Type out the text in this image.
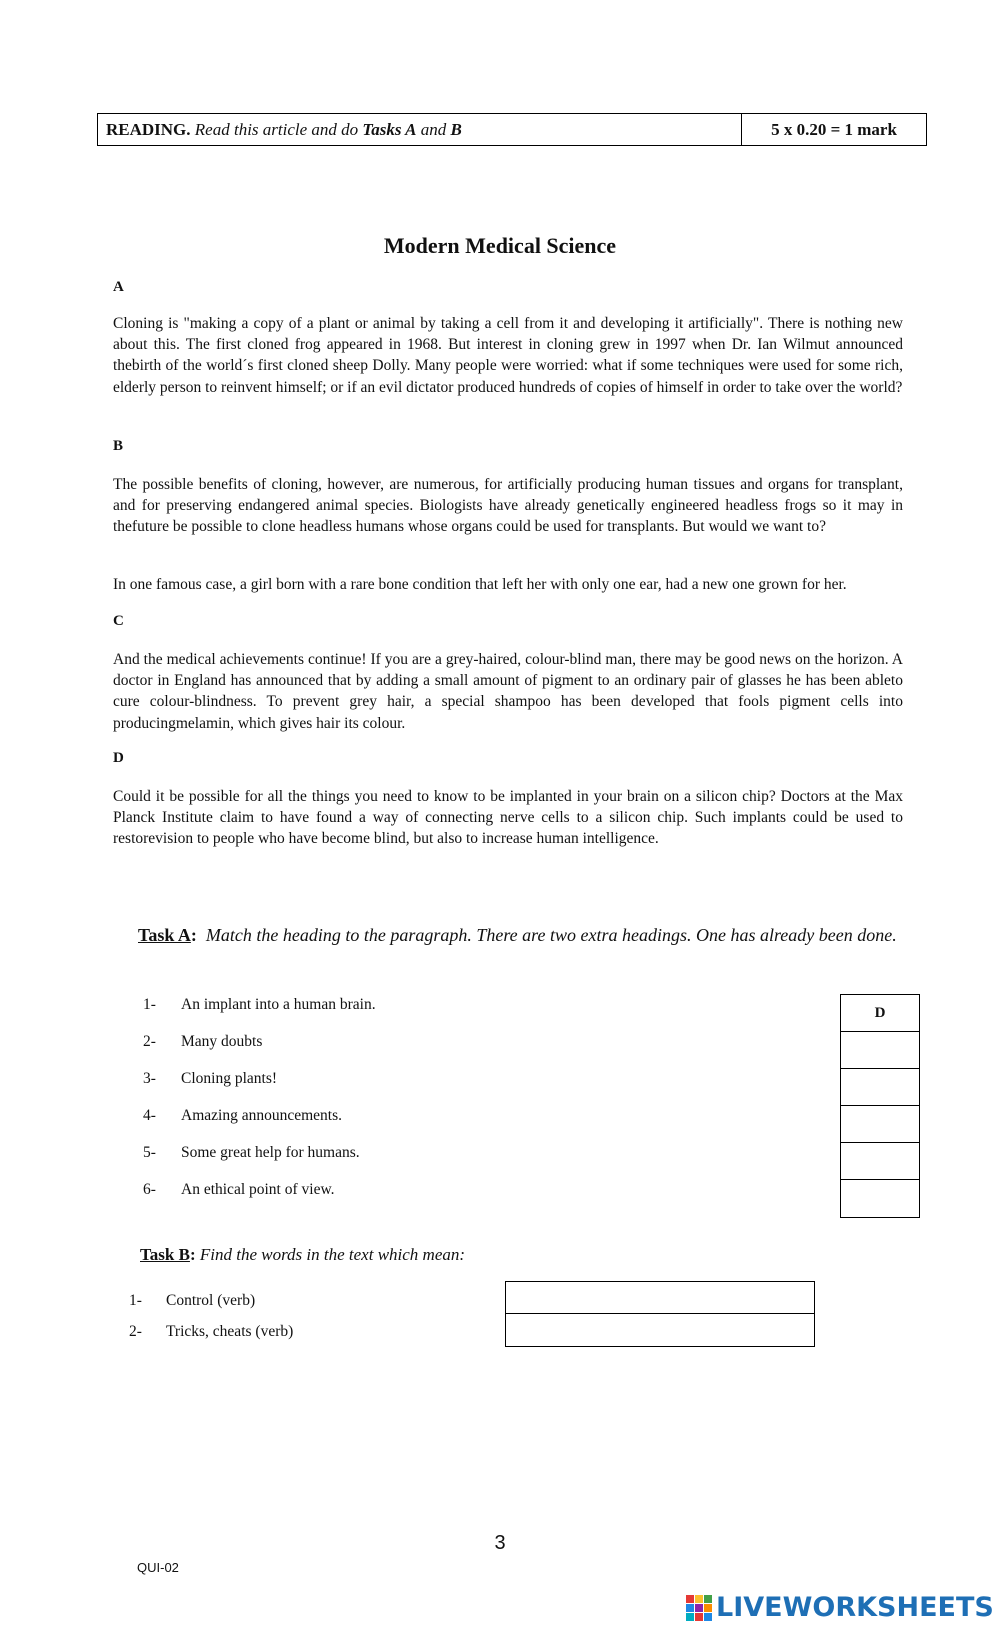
READING.
Read this article and do
Tasks A
and
B	5 x 0.20 = 1 mark
Modern Medical Science
A
Cloning is "making a copy of a plant or animal by taking a cell from it and developing it artificially". There is nothing new about this. The first cloned frog appeared in 1968. But interest in cloning grew in 1997 when Dr. Ian Wilmut announced thebirth of the world´s first cloned sheep Dolly. Many people were worried: what if some techniques were used for some rich, elderly person to reinvent himself; or if an evil dictator produced hundreds of copies of himself in order to take over the world?
B
The possible benefits of cloning, however, are numerous, for artificially producing human tissues and organs for transplant, and for preserving endangered animal species. Biologists have already genetically engineered headless frogs so it may in thefuture be possible to clone headless humans whose organs could be used for transplants. But would we want to?
In one famous case, a girl born with a rare bone condition that left her with only one ear, had a new one grown for her.
C
And the medical achievements continue! If you are a grey-haired, colour-blind man, there may be good news on the horizon. A doctor in England has announced that by adding a small amount of pigment to an ordinary pair of glasses he has been ableto cure colour-blindness. To prevent grey hair, a special shampoo has been developed that fools pigment cells into producingmelamin, which gives hair its colour.
D
Could it be possible for all the things you need to know to be implanted in your brain on a silicon chip? Doctors at the Max Planck Institute claim to have found a way of connecting nerve cells to a silicon chip. Such implants could be used to restorevision to people who have become blind, but also to increase human intelligence.
Task A: Match the heading to the paragraph. There are two extra headings. One has already been done.
1- An implant into a human brain.
2- Many doubts
3- Cloning plants!
4- Amazing announcements.
5- Some great help for humans.
6- An ethical point of view.
D
Task B: Find the words in the text which mean:
1- Control (verb)
2- Tricks, cheats (verb)
3
QUI-02
LIVEWORKSHEETS
